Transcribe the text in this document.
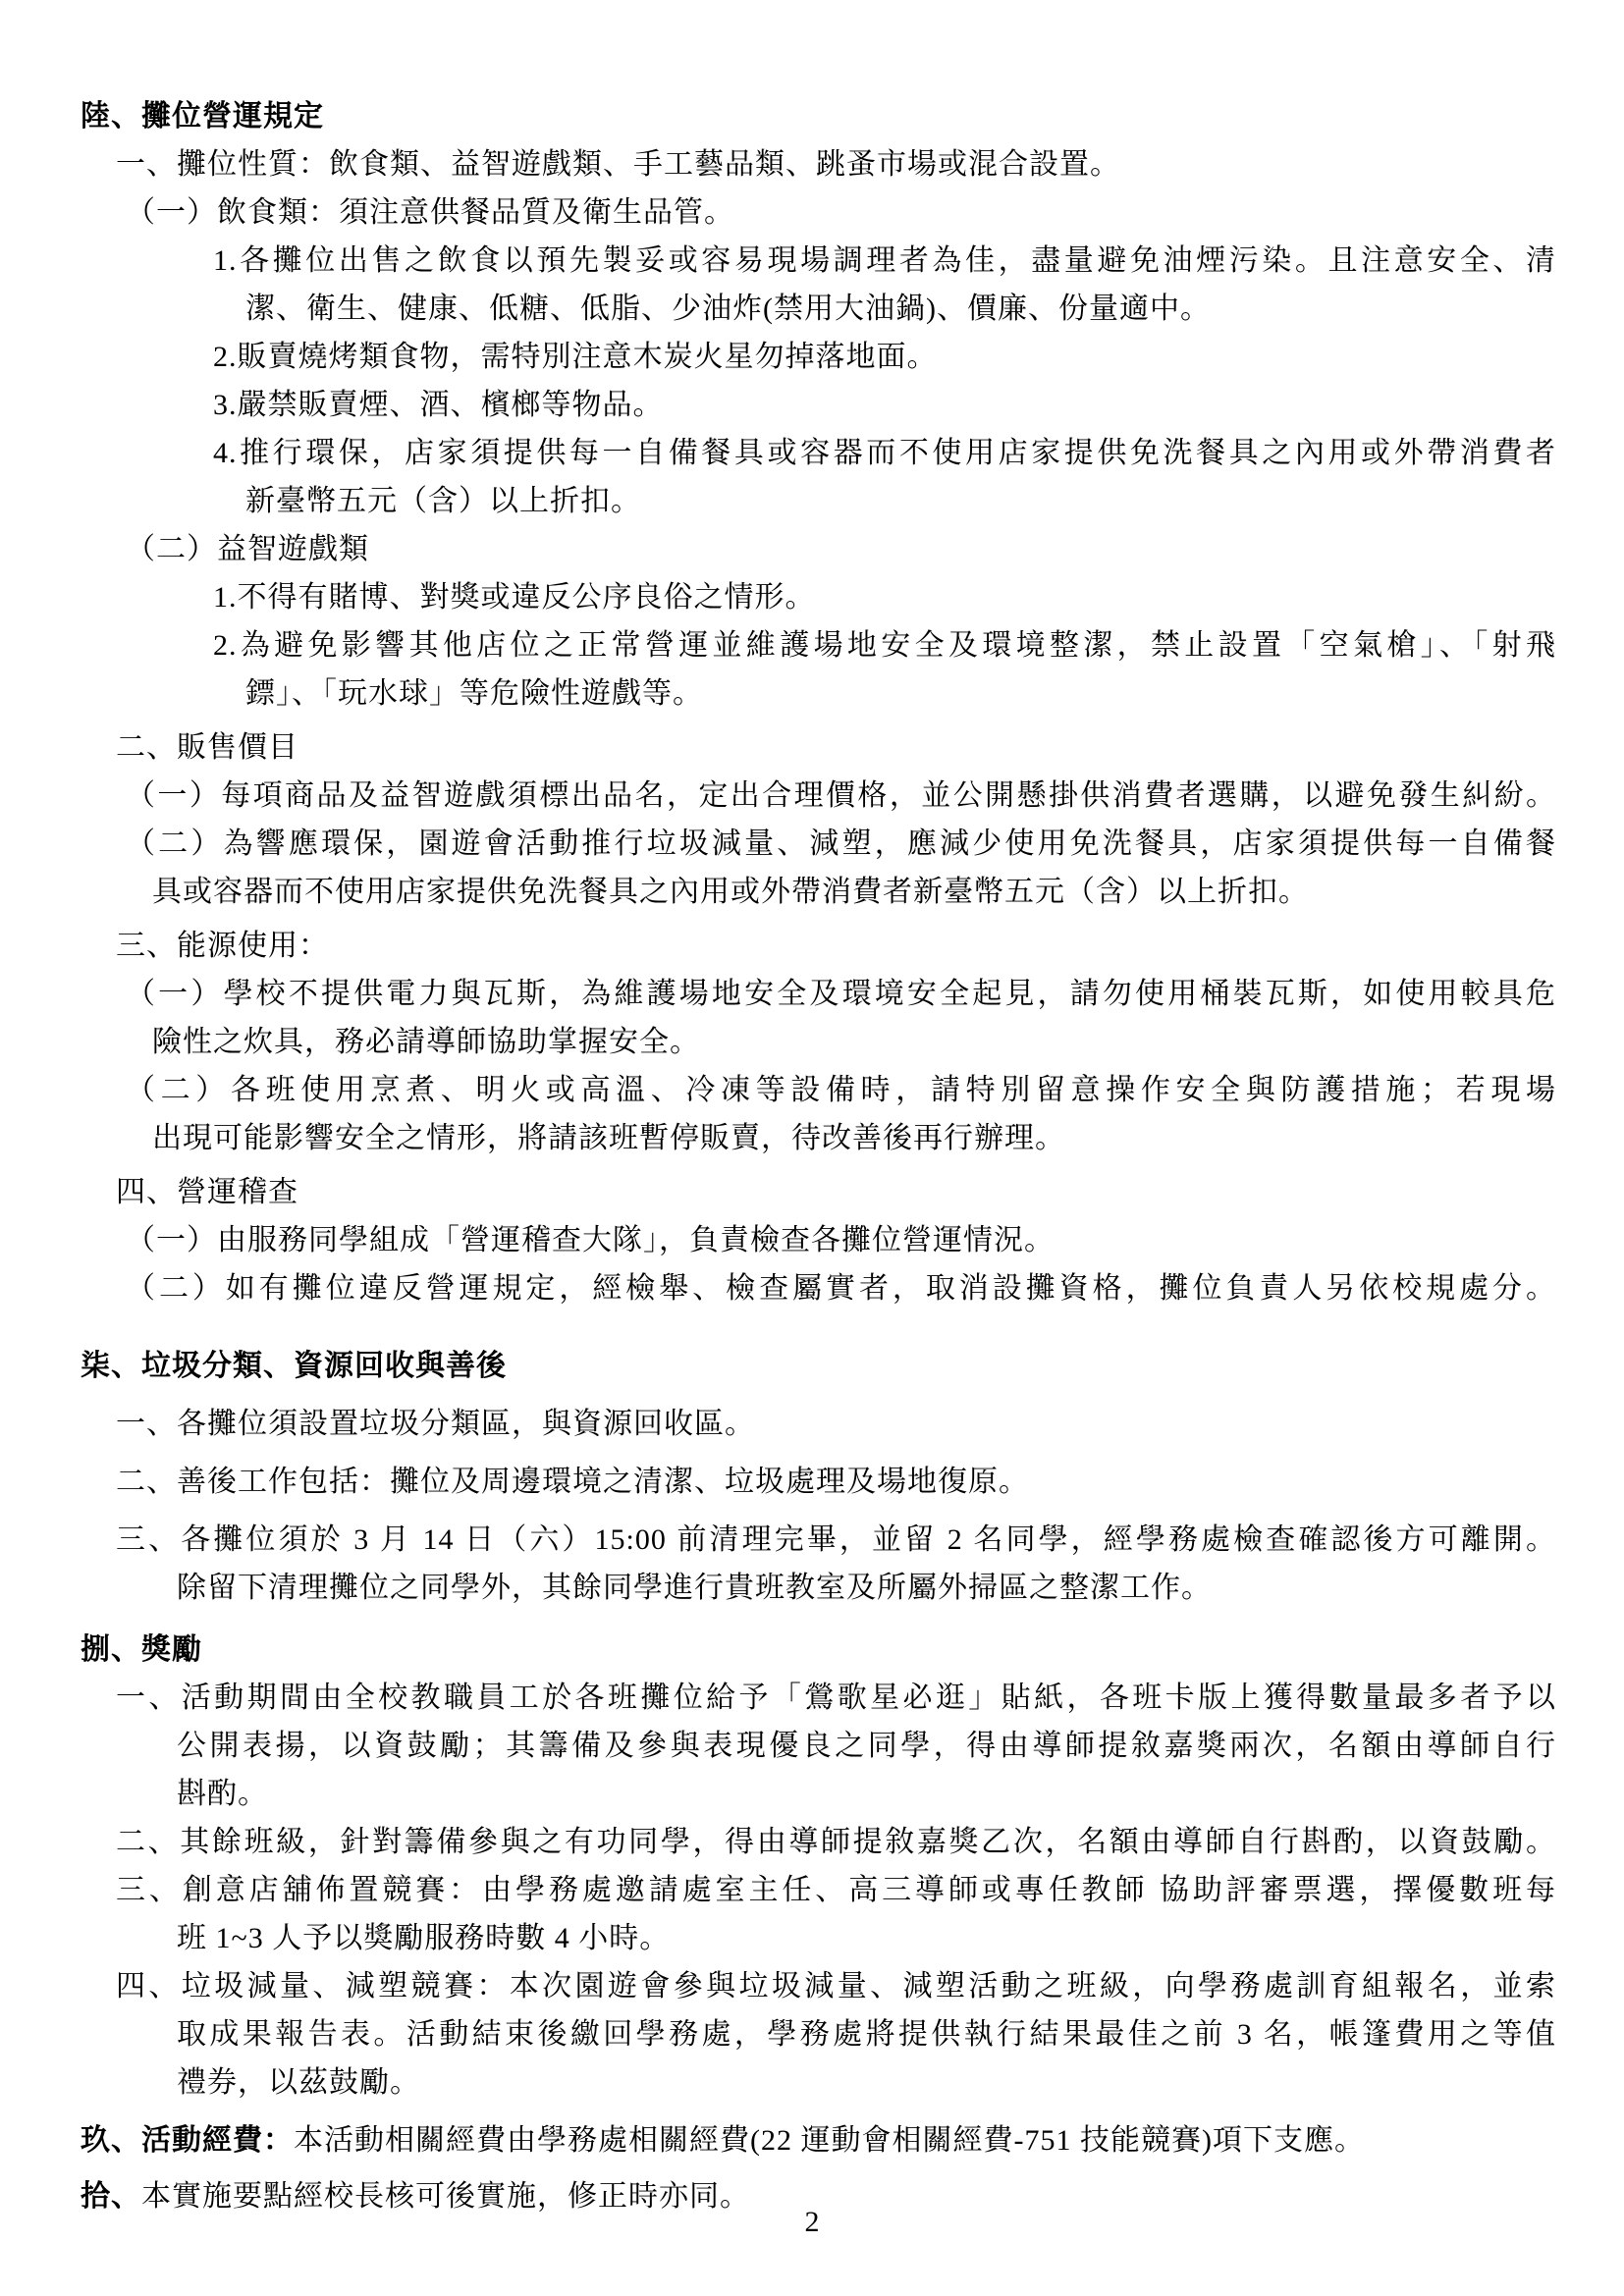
陸、攤位營運規定
一、攤位性質：飲食類、益智遊戲類、手工藝品類、跳蚤市場或混合設置。
（一）飲食類：須注意供餐品質及衛生品管。
1.各攤位出售之飲食以預先製妥或容易現場調理者為佳，盡量避免油煙污染。且注意安全、清
潔、衛生、健康、低糖、低脂、少油炸(禁用大油鍋)、價廉、份量適中。
2.販賣燒烤類食物，需特別注意木炭火星勿掉落地面。
3.嚴禁販賣煙、酒、檳榔等物品。
4.推行環保，店家須提供每一自備餐具或容器而不使用店家提供免洗餐具之內用或外帶消費者
新臺幣五元（含）以上折扣。
（二）益智遊戲類
1.不得有賭博、對獎或違反公序良俗之情形。
2.為避免影響其他店位之正常營運並維護場地安全及環境整潔，禁止設置「空氣槍」、「射飛
鏢」、「玩水球」等危險性遊戲等。
二、販售價目
（一）每項商品及益智遊戲須標出品名，定出合理價格，並公開懸掛供消費者選購，以避免發生糾紛。
（二）為響應環保，園遊會活動推行垃圾減量、減塑，應減少使用免洗餐具，店家須提供每一自備餐
具或容器而不使用店家提供免洗餐具之內用或外帶消費者新臺幣五元（含）以上折扣。
三、能源使用：
（一）學校不提供電力與瓦斯，為維護場地安全及環境安全起見，請勿使用桶裝瓦斯，如使用較具危
險性之炊具，務必請導師協助掌握安全。
（二）各班使用烹煮、明火或高溫、冷凍等設備時，請特別留意操作安全與防護措施；若現場
出現可能影響安全之情形，將請該班暫停販賣，待改善後再行辦理。
四、營運稽查
（一）由服務同學組成「營運稽查大隊」，負責檢查各攤位營運情況。
（二）如有攤位違反營運規定，經檢舉、檢查屬實者，取消設攤資格，攤位負責人另依校規處分。
柒、垃圾分類、資源回收與善後
一、各攤位須設置垃圾分類區，與資源回收區。
二、善後工作包括：攤位及周邊環境之清潔、垃圾處理及場地復原。
三、各攤位須於 3 月 14 日（六）15:00 前清理完畢，並留 2 名同學，經學務處檢查確認後方可離開。
除留下清理攤位之同學外，其餘同學進行貴班教室及所屬外掃區之整潔工作。
捌、獎勵
一、活動期間由全校教職員工於各班攤位給予「鶯歌星必逛」貼紙，各班卡版上獲得數量最多者予以
公開表揚，以資鼓勵；其籌備及參與表現優良之同學，得由導師提敘嘉獎兩次，名額由導師自行
斟酌。
二、其餘班級，針對籌備參與之有功同學，得由導師提敘嘉獎乙次，名額由導師自行斟酌，以資鼓勵。
三、創意店舖佈置競賽：由學務處邀請處室主任、高三導師或專任教師 協助評審票選，擇優數班每
班 1~3 人予以獎勵服務時數 4 小時。
四、垃圾減量、減塑競賽：本次園遊會參與垃圾減量、減塑活動之班級，向學務處訓育組報名，並索
取成果報告表。活動結束後繳回學務處，學務處將提供執行結果最佳之前 3 名，帳篷費用之等值
禮券，以茲鼓勵。
玖、活動經費：本活動相關經費由學務處相關經費(22 運動會相關經費-751 技能競賽)項下支應。
拾、本實施要點經校長核可後實施，修正時亦同。
2
